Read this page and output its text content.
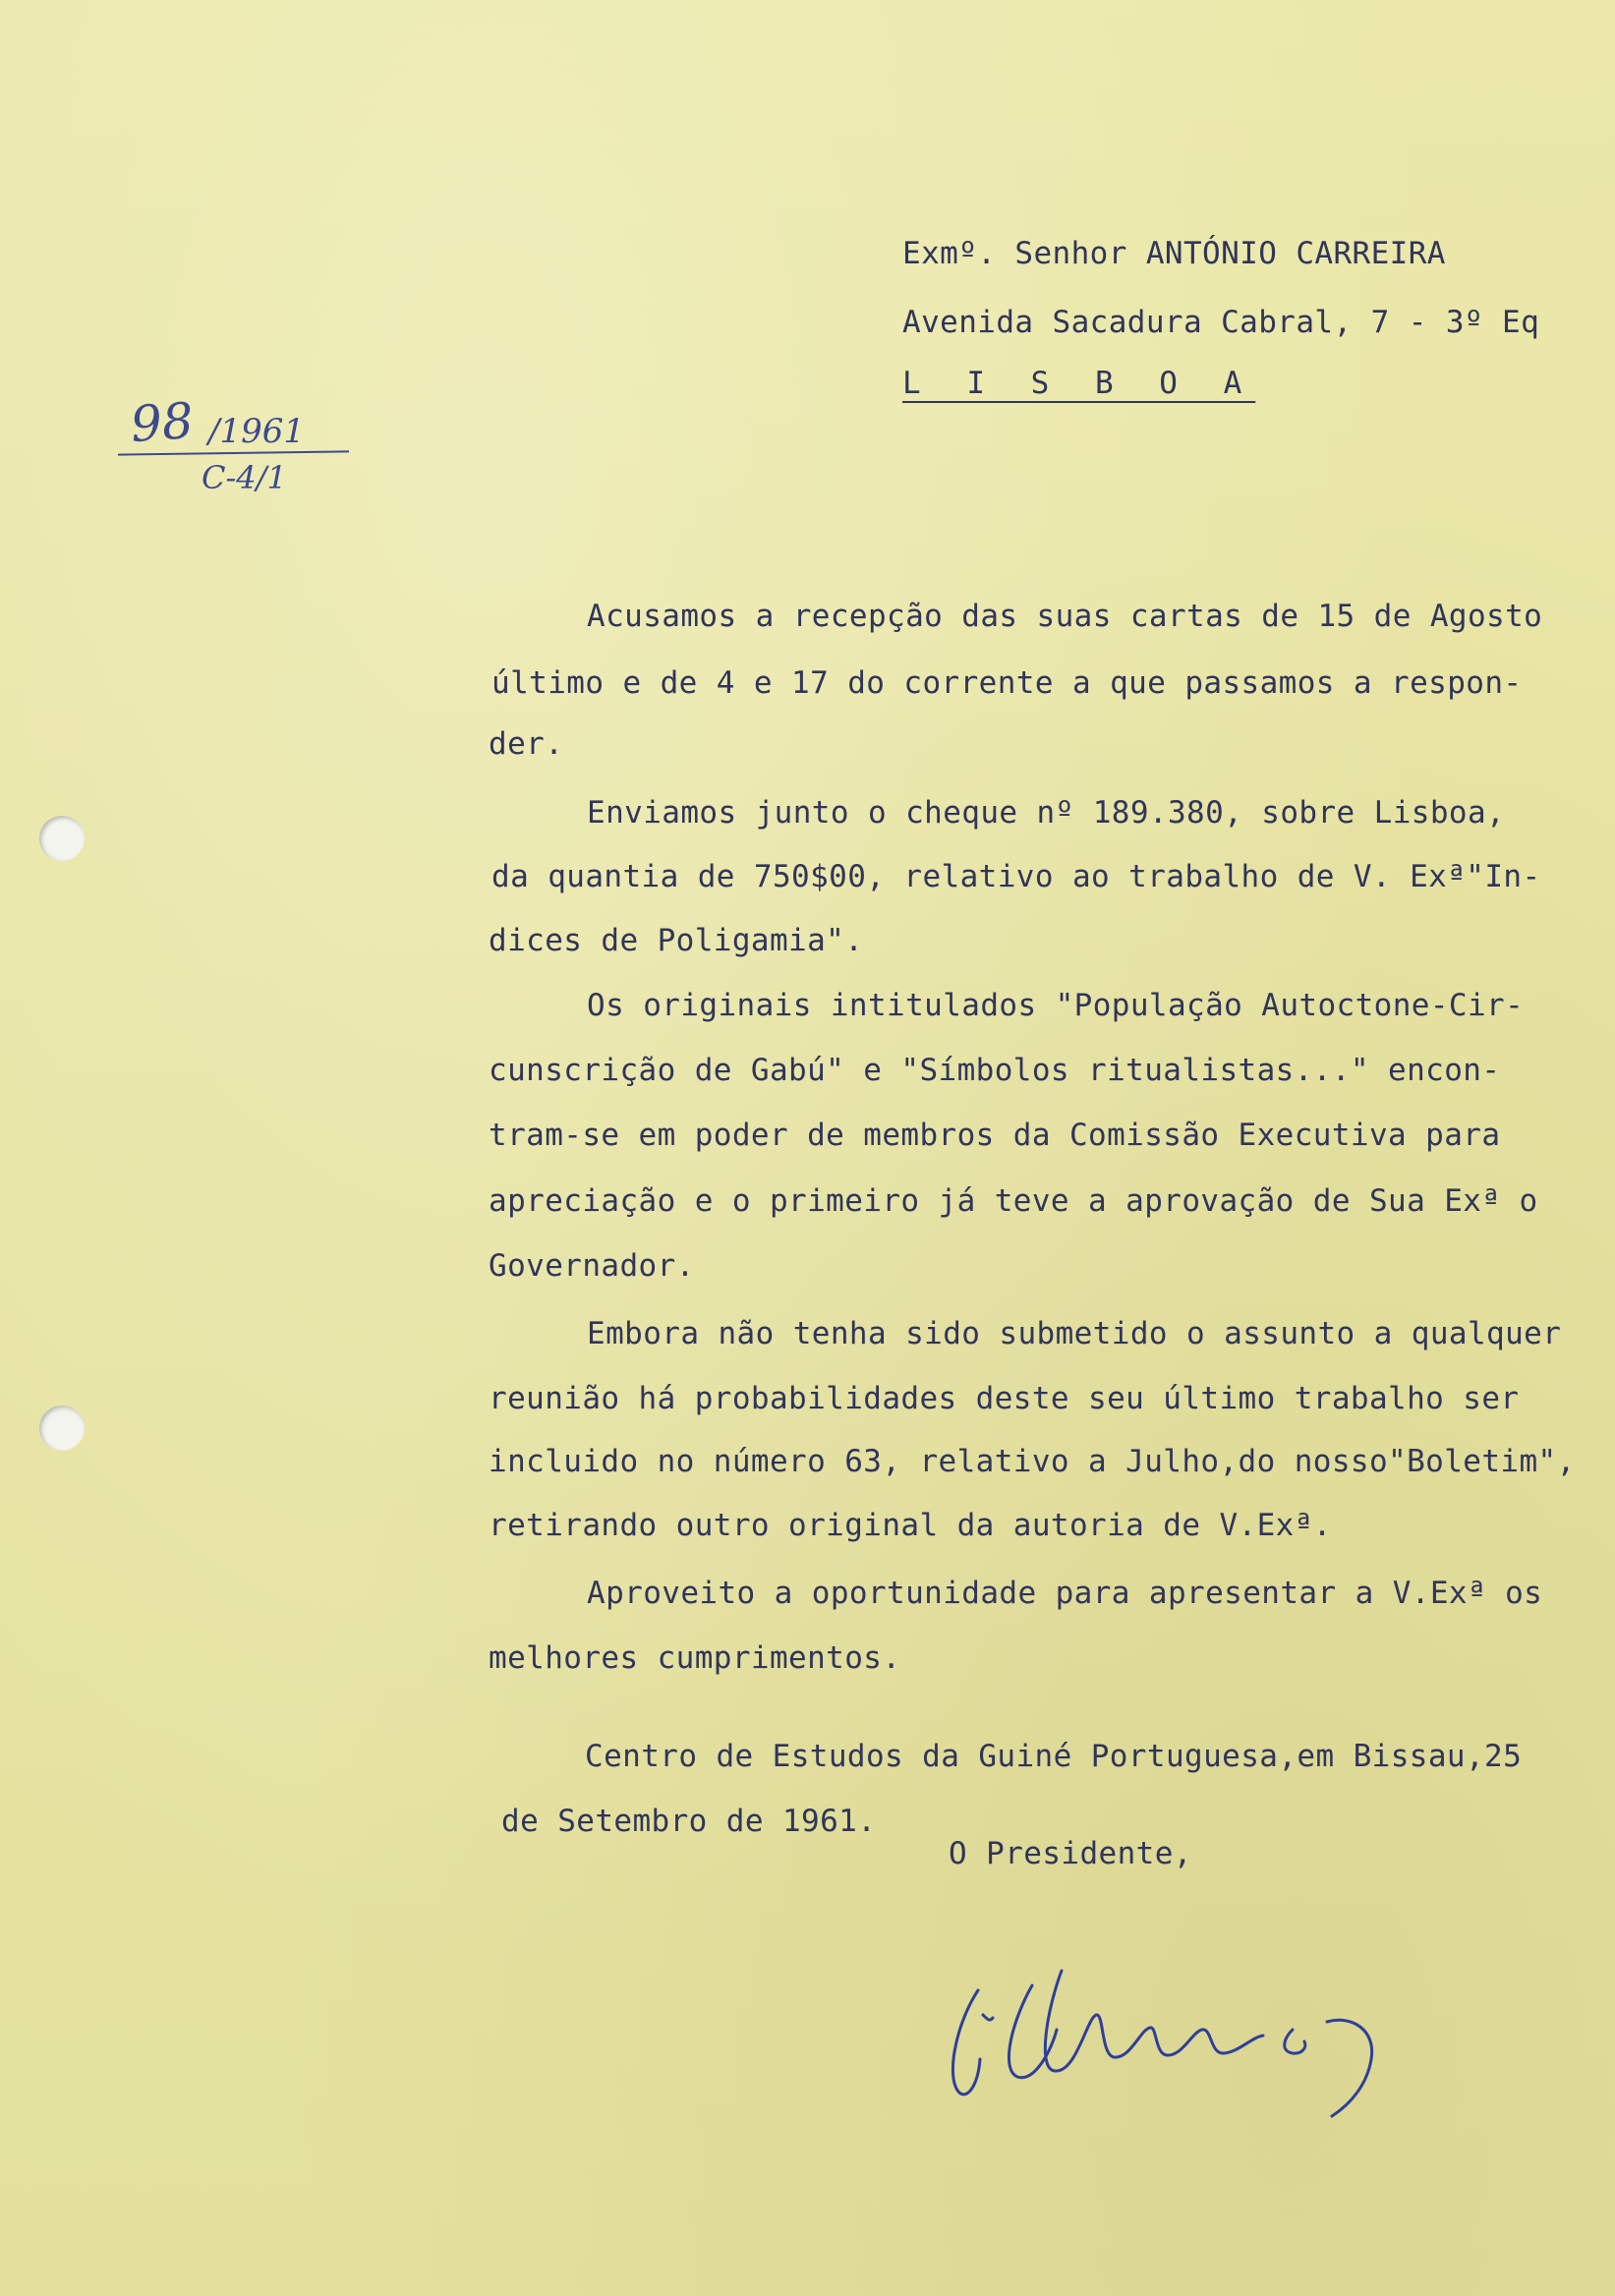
98 /1961
C-4/1
Exmº. Senhor ANTÓNIO CARREIRA
Avenida Sacadura Cabral, 7 - 3º Eq
L I S B O A
Acusamos a recepção das suas cartas de 15 de Agosto
último e de 4 e 17 do corrente a que passamos a respon-
der.
Enviamos junto o cheque nº 189.380, sobre Lisboa,
da quantia de 750$00, relativo ao trabalho de V. Exª"In-
dices de Poligamia".
Os originais intitulados "População Autoctone-Cir-
cunscrição de Gabú" e "Símbolos ritualistas..." encon-
tram-se em poder de membros da Comissão Executiva para
apreciação e o primeiro já teve a aprovação de Sua Exª o
Governador.
Embora não tenha sido submetido o assunto a qualquer
reunião há probabilidades deste seu último trabalho ser
incluido no número 63, relativo a Julho,do nosso"Boletim",
retirando outro original da autoria de V.Exª.
Aproveito a oportunidade para apresentar a V.Exª os
melhores cumprimentos.
Centro de Estudos da Guiné Portuguesa,em Bissau,25
de Setembro de 1961.
O Presidente,
